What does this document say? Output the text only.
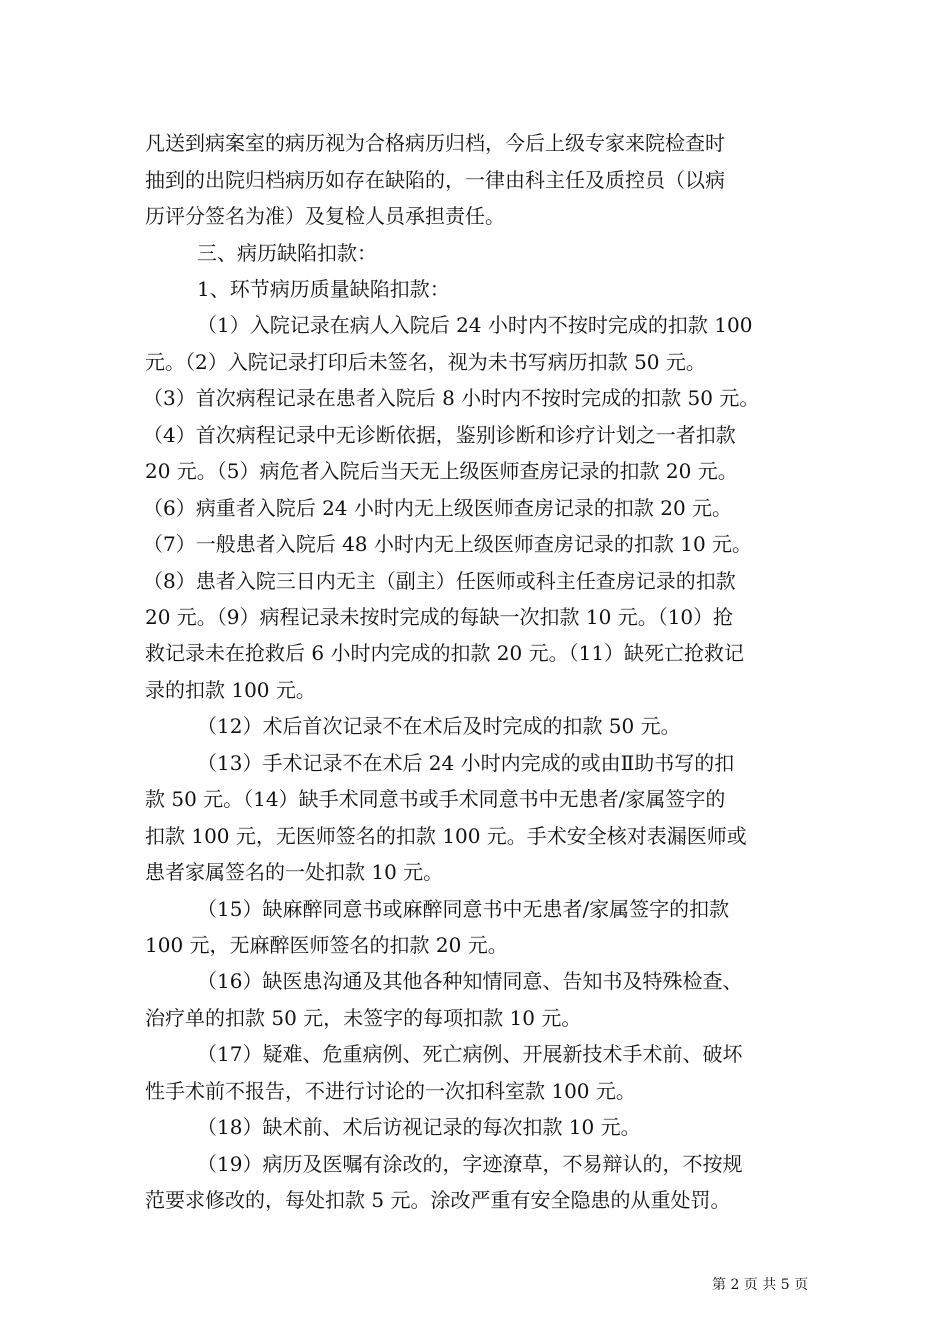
凡送到病案室的病历视为合格病历归档，今后上级专家来院检查时
抽到的出院归档病历如存在缺陷的，一律由科主任及质控员（以病
历评分签名为准）及复检人员承担责任。
三、病历缺陷扣款：
1、环节病历质量缺陷扣款：
（1）入院记录在病人入院后 24 小时内不按时完成的扣款 100
元。（2）入院记录打印后未签名，视为未书写病历扣款 50 元。
（3）首次病程记录在患者入院后 8 小时内不按时完成的扣款 50 元。
（4）首次病程记录中无诊断依据，鉴别诊断和诊疗计划之一者扣款
20 元。（5）病危者入院后当天无上级医师查房记录的扣款 20 元。
（6）病重者入院后 24 小时内无上级医师查房记录的扣款 20 元。
（7）一般患者入院后 48 小时内无上级医师查房记录的扣款 10 元。
（8）患者入院三日内无主（副主）任医师或科主任查房记录的扣款
20 元。（9）病程记录未按时完成的每缺一次扣款 10 元。（10）抢
救记录未在抢救后 6 小时内完成的扣款 20 元。（11）缺死亡抢救记
录的扣款 100 元。
（12）术后首次记录不在术后及时完成的扣款 50 元。
（13）手术记录不在术后 24 小时内完成的或由Ⅱ助书写的扣
款 50 元。（14）缺手术同意书或手术同意书中无患者/家属签字的
扣款 100 元，无医师签名的扣款 100 元。手术安全核对表漏医师或
患者家属签名的一处扣款 10 元。
（15）缺麻醉同意书或麻醉同意书中无患者/家属签字的扣款
100 元，无麻醉医师签名的扣款 20 元。
（16）缺医患沟通及其他各种知情同意、告知书及特殊检查、
治疗单的扣款 50 元，未签字的每项扣款 10 元。
（17）疑难、危重病例、死亡病例、开展新技术手术前、破坏
性手术前不报告，不进行讨论的一次扣科室款 100 元。
（18）缺术前、术后访视记录的每次扣款 10 元。
（19）病历及医嘱有涂改的，字迹潦草，不易辩认的，不按规
范要求修改的，每处扣款 5 元。涂改严重有安全隐患的从重处罚。
第 2 页 共 5 页
